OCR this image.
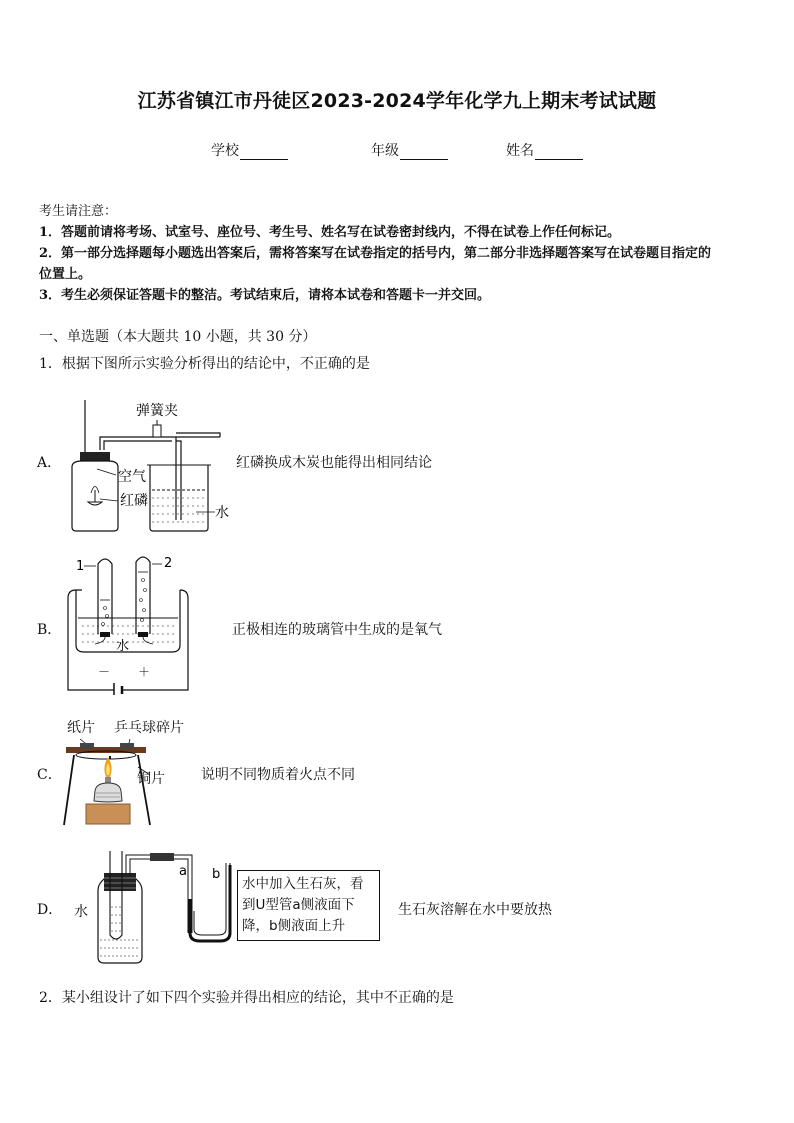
江苏省镇江市丹徒区2023-2024学年化学九上期末考试试题
学校	年级	姓名
考生请注意：
1．答题前请将考场、试室号、座位号、考生号、姓名写在试卷密封线内，不得在试卷上作任何标记。
2．第一部分选择题每小题选出答案后，需将答案写在试卷指定的括号内，第二部分非选择题答案写在试卷题目指定的
位置上。
3．考生必须保证答题卡的整洁。考试结束后，请将本试卷和答题卡一并交回。
一、单选题（本大题共 10 小题，共 30 分）
1．根据下图所示实验分析得出的结论中，不正确的是
A．
空气
红磷
弹簧夹
水
红磷换成木炭也能得出相同结论
B．
1	2
水
－ ＋
正极相连的玻璃管中生成的是氧气
C．
纸片 乒乓球碎片
铜片	说明不同物质着火点不同
D． 水
a b
水中加入生石灰，看
到U型管a侧液面下
降，b侧液面上升
生石灰溶解在水中要放热
2．某小组设计了如下四个实验并得出相应的结论，其中不正确的是
